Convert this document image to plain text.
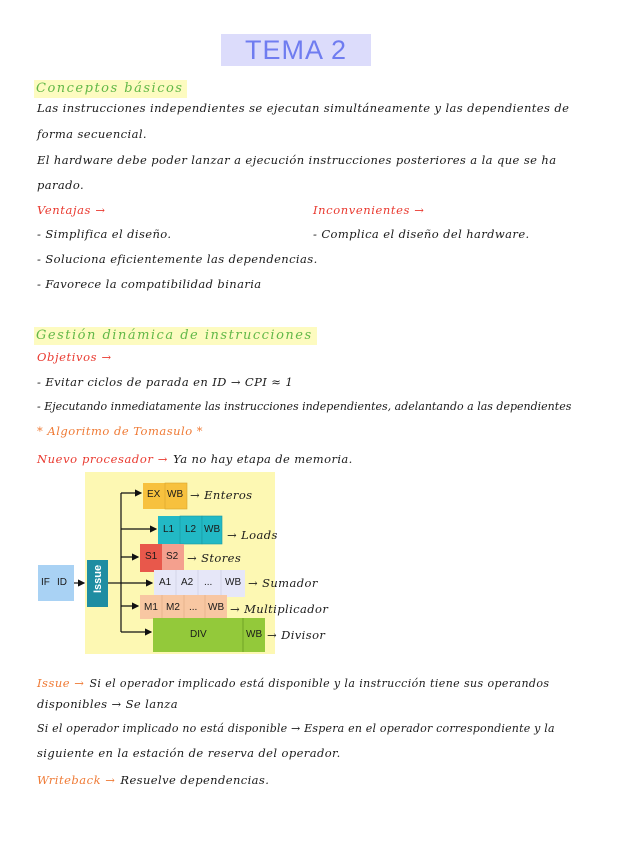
TEMA 2
Conceptos básicos
Las instrucciones independientes se ejecutan simultáneamente y las dependientes de
forma secuencial.
El hardware debe poder lanzar a ejecución instrucciones posteriores a la que se ha
parado.
Ventajas →
- Simplifica el diseño.
- Soluciona eficientemente las dependencias.
- Favorece la compatibilidad binaria
Inconvenientes →
- Complica el diseño del hardware.
Gestión dinámica de instrucciones
Objetivos →
- Evitar ciclos de parada en ID → CPI ≈ 1
- Ejecutando inmediatamente las instrucciones independientes, adelantando a las dependientes
* Algoritmo de Tomasulo *
Nuevo procesador → Ya no hay etapa de memoria.
IF ID Issue
EX WB
L1 L2 WB
S1 S2
A1 A2 ... WB
M1 M2 ... WB
DIV	WB
→ Enteros
→ Loads
→ Stores
→ Sumador
→ Multiplicador
→ Divisor
Issue → Si el operador implicado está disponible y la instrucción tiene sus operandos
disponibles → Se lanza
Si el operador implicado no está disponible → Espera en el operador correspondiente y la
siguiente en la estación de reserva del operador.
Writeback → Resuelve dependencias.
